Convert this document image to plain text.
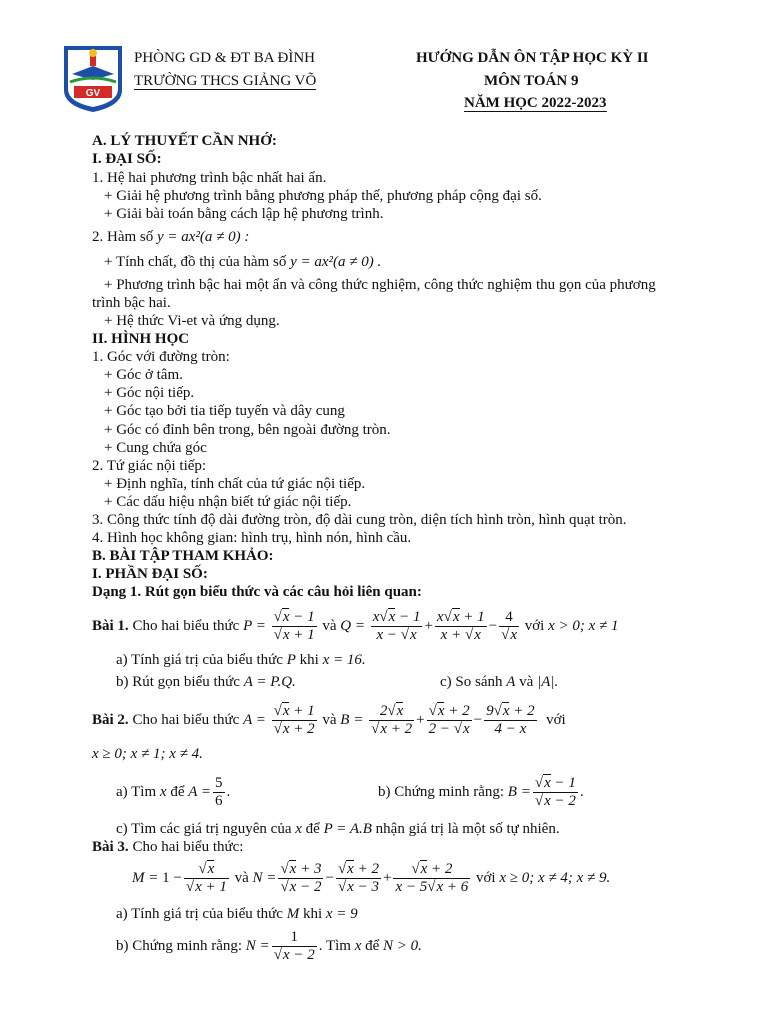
GV
PHÒNG GD & ĐT BA ĐÌNH
TRƯỜNG THCS GIẢNG VÕ
HƯỚNG DẪN ÔN TẬP HỌC KỲ II
MÔN TOÁN 9
NĂM HỌC 2022-2023
A. LÝ THUYẾT CẦN NHỚ:
I. ĐẠI SỐ:
1. Hệ hai phương trình bậc nhất hai ẩn.
+ Giải hệ phương trình bằng phương pháp thế, phương pháp cộng đại số.
+ Giải bài toán bằng cách lập hệ phương trình.
2. Hàm số y = ax²(a ≠ 0) :
+ Tính chất, đồ thị của hàm số y = ax²(a ≠ 0) .
+ Phương trình bậc hai một ẩn và công thức nghiệm, công thức nghiệm thu gọn của phương
trình bậc hai.
+ Hệ thức Vi-et và ứng dụng.
II. HÌNH HỌC
1. Góc với đường tròn:
+ Góc ở tâm.
+ Góc nội tiếp.
+ Góc tạo bởi tia tiếp tuyến và dây cung
+ Góc có đỉnh bên trong, bên ngoài đường tròn.
+ Cung chứa góc
2. Tứ giác nội tiếp:
+ Định nghĩa, tính chất của tứ giác nội tiếp.
+ Các dấu hiệu nhận biết tứ giác nội tiếp.
3. Công thức tính độ dài đường tròn, độ dài cung tròn, diện tích hình tròn, hình quạt tròn.
4. Hình học không gian: hình trụ, hình nón, hình cầu.
B. BÀI TẬP THAM KHẢO:
I. PHẦN ĐẠI SỐ:
Dạng 1. Rút gọn biểu thức và các câu hỏi liên quan:
Bài 1. Cho hai biểu thức $P = \frac{√x - 1}{√x + 1}$ và $Q = \frac{x√x - 1}{x - √x} + \frac{x√x + 1}{x + √x} - \frac{4}{√x}$ với x > 0; x ≠ 1
a) Tính giá trị của biểu thức P khi x = 16.
b) Rút gọn biểu thức A = P.Q.	c) So sánh A và |A|.
Bài 2. Cho hai biểu thức $A = \frac{√x + 1}{√x + 2}$ và $B = \frac{2√x}{√x + 2} + \frac{√x + 2}{2 - √x} - \frac{9√x + 2}{4 - x}$ với
x ≥ 0; x ≠ 1; x ≠ 4.
a) Tìm x để $A = \frac{5}{6}$ .	b) Chứng minh rằng: $B = \frac{√x - 1}{√x - 2}$ .
c) Tìm các giá trị nguyên của x để P = A.B nhận giá trị là một số tự nhiên.
Bài 3. Cho hai biểu thức:
$M = 1 - \frac{√x}{√x + 1}$ và $N = \frac{√x + 3}{√x - 2} - \frac{√x + 2}{√x - 3} + \frac{√x + 2}{x - 5√x + 6}$ với x ≥ 0; x ≠ 4; x ≠ 9.
a) Tính giá trị của biểu thức M khi x = 9
b) Chứng minh rằng: $N = \frac{1}{√x - 2}$ . Tìm x để N > 0.
